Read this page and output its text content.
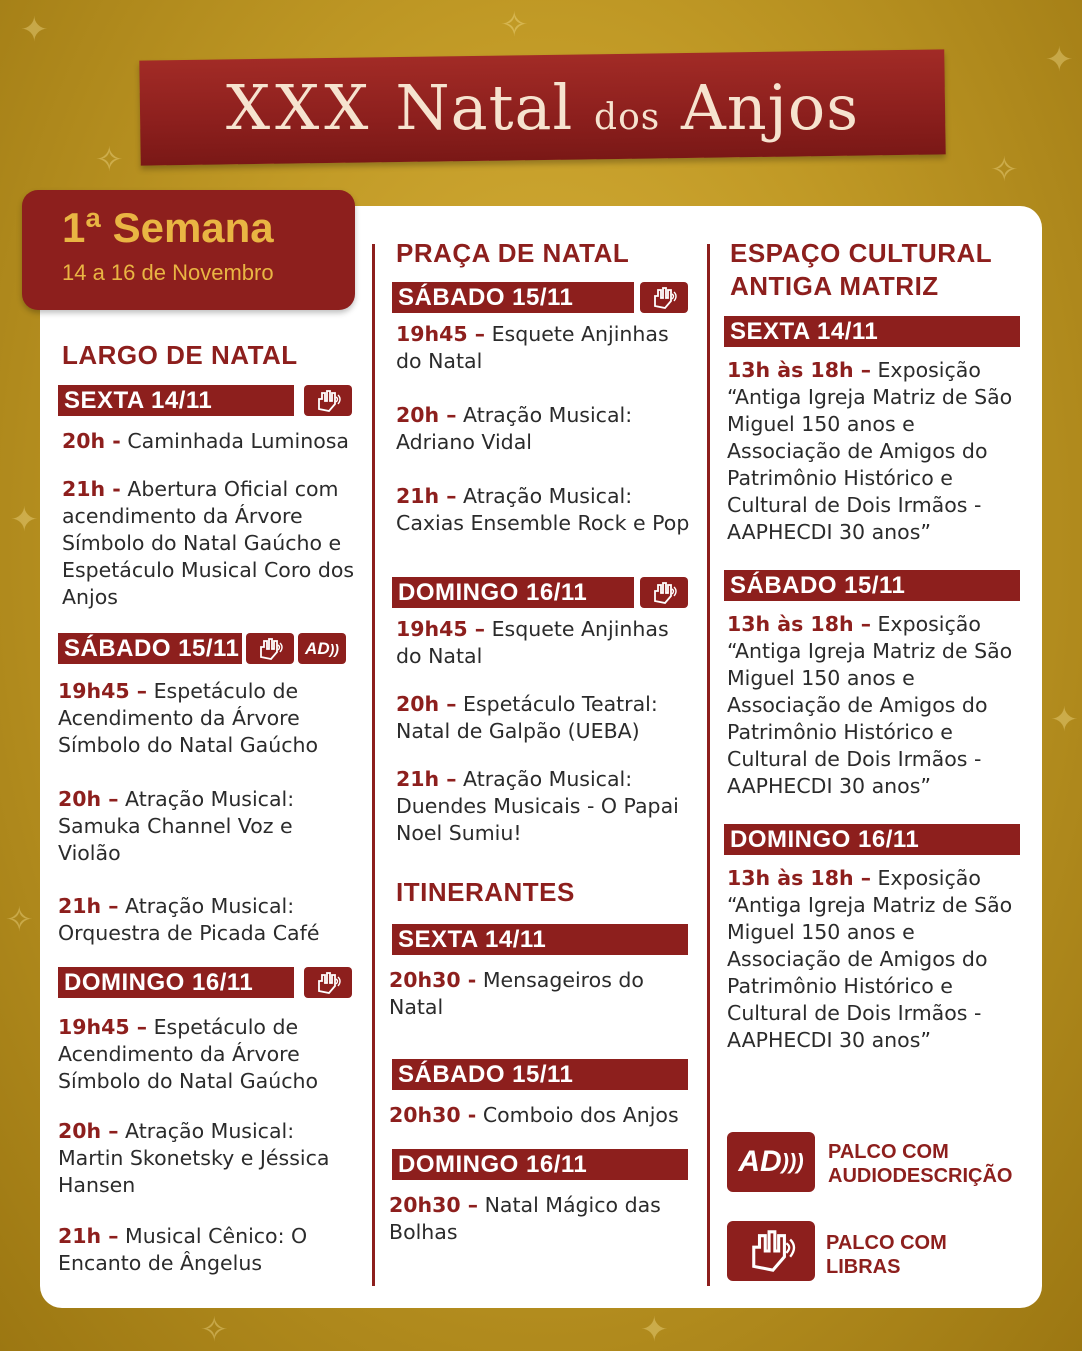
✦
✧
✦
✧
✦
✧
✦
✧
✦
✧
XXX Natal dos Anjos
1ª Semana
14 a 16 de Novembro
LARGO DE NATAL
SEXTA 14/11
20h - Caminhada Luminosa
21h - Abertura Oficial com acendimento da Árvore Símbolo do Natal Gaúcho e Espetáculo Musical Coro dos Anjos
SÁBADO 15/11	AD ))
19h45 – Espetáculo de Acendimento da Árvore Símbolo do Natal Gaúcho
20h – Atração Musical: Samuka Channel Voz e Violão
21h – Atração Musical: Orquestra de Picada Café
DOMINGO 16/11
19h45 – Espetáculo de Acendimento da Árvore Símbolo do Natal Gaúcho
20h – Atração Musical: Martin Skonetsky e Jéssica Hansen
21h – Musical Cênico: O Encanto de Ângelus
PRAÇA DE NATAL
SÁBADO 15/11
19h45 – Esquete Anjinhas do Natal
20h – Atração Musical: Adriano Vidal
21h – Atração Musical: Caxias Ensemble Rock e Pop
DOMINGO 16/11
19h45 – Esquete Anjinhas do Natal
20h – Espetáculo Teatral: Natal de Galpão (UEBA)
21h – Atração Musical: Duendes Musicais - O Papai Noel Sumiu!
ITINERANTES
SEXTA 14/11
20h30 - Mensageiros do Natal
SÁBADO 15/11
20h30 - Comboio dos Anjos
DOMINGO 16/11
20h30 – Natal Mágico das Bolhas
ESPAÇO CULTURAL
ANTIGA MATRIZ
SEXTA 14/11
13h às 18h – Exposição “Antiga Igreja Matriz de São Miguel 150 anos e Associação de Amigos do Patrimônio Histórico e Cultural de Dois Irmãos - AAPHECDI 30 anos”
SÁBADO 15/11
13h às 18h – Exposição “Antiga Igreja Matriz de São Miguel 150 anos e Associação de Amigos do Patrimônio Histórico e Cultural de Dois Irmãos - AAPHECDI 30 anos”
DOMINGO 16/11
13h às 18h – Exposição “Antiga Igreja Matriz de São Miguel 150 anos e Associação de Amigos do Patrimônio Histórico e Cultural de Dois Irmãos - AAPHECDI 30 anos”
AD ))) PALCO COM
AUDIODESCRIÇÃO
PALCO COM
LIBRAS
